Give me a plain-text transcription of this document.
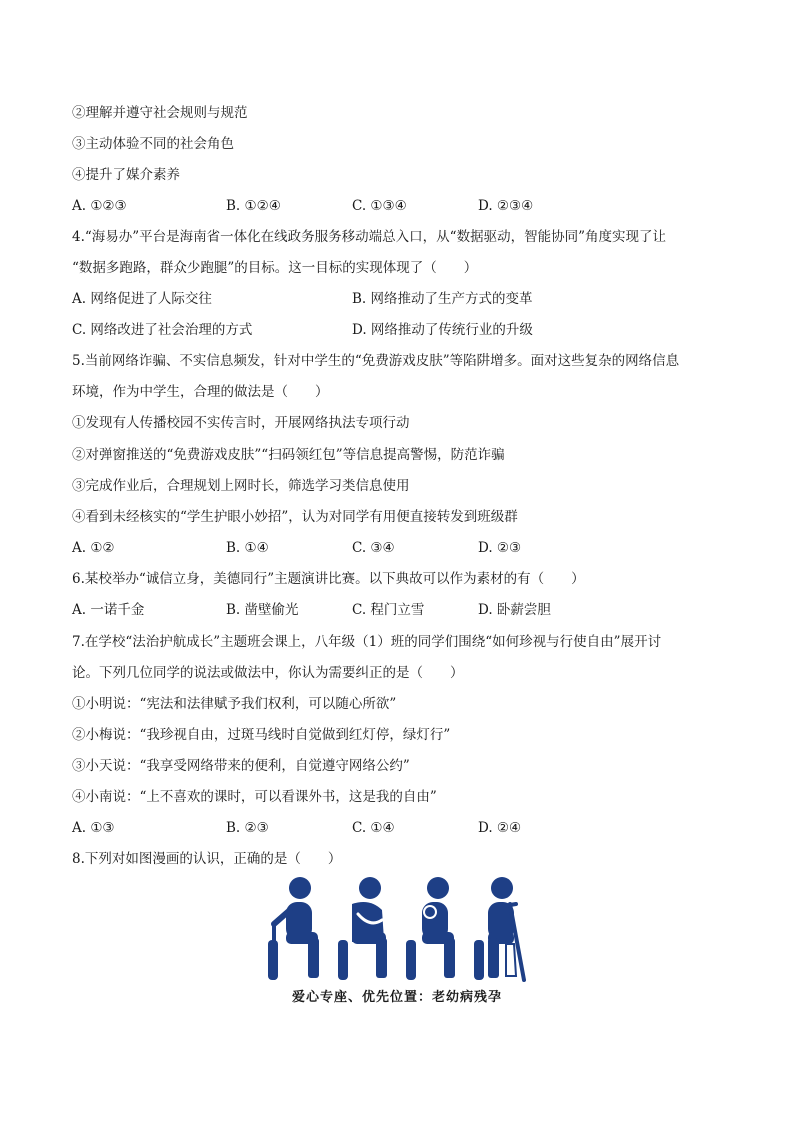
②理解并遵守社会规则与规范
③主动体验不同的社会角色
④提升了媒介素养
A. ①②③	B. ①②④	C. ①③④	D. ②③④
4.“海易办”平台是海南省一体化在线政务服务移动端总入口，从“数据驱动，智能协同”角度实现了让
“数据多跑路，群众少跑腿”的目标。这一目标的实现体现了（　　）
A. 网络促进了人际交往	B. 网络推动了生产方式的变革
C. 网络改进了社会治理的方式	D. 网络推动了传统行业的升级
5.当前网络诈骗、不实信息频发，针对中学生的“免费游戏皮肤”等陷阱增多。面对这些复杂的网络信息
环境，作为中学生，合理的做法是（　　）
①发现有人传播校园不实传言时，开展网络执法专项行动
②对弹窗推送的“免费游戏皮肤”“扫码领红包”等信息提高警惕，防范诈骗
③完成作业后，合理规划上网时长，筛选学习类信息使用
④看到未经核实的“学生护眼小妙招”，认为对同学有用便直接转发到班级群
A. ①②	B. ①④	C. ③④	D. ②③
6.某校举办“诚信立身，美德同行”主题演讲比赛。以下典故可以作为素材的有（　　）
A. 一诺千金	B. 凿壁偷光	C. 程门立雪	D. 卧薪尝胆
7.在学校“法治护航成长”主题班会课上，八年级（1）班的同学们围绕“如何珍视与行使自由”展开讨
论。下列几位同学的说法或做法中，你认为需要纠正的是（　　）
①小明说：“宪法和法律赋予我们权利，可以随心所欲”
②小梅说：“我珍视自由，过斑马线时自觉做到红灯停，绿灯行”
③小天说：“我享受网络带来的便利，自觉遵守网络公约”
④小南说：“上不喜欢的课时，可以看课外书，这是我的自由”
A. ①③	B. ②③	C. ①④	D. ②④
8.下列对如图漫画的认识，正确的是（　　）
爱心专座、优先位置：老幼病残孕
